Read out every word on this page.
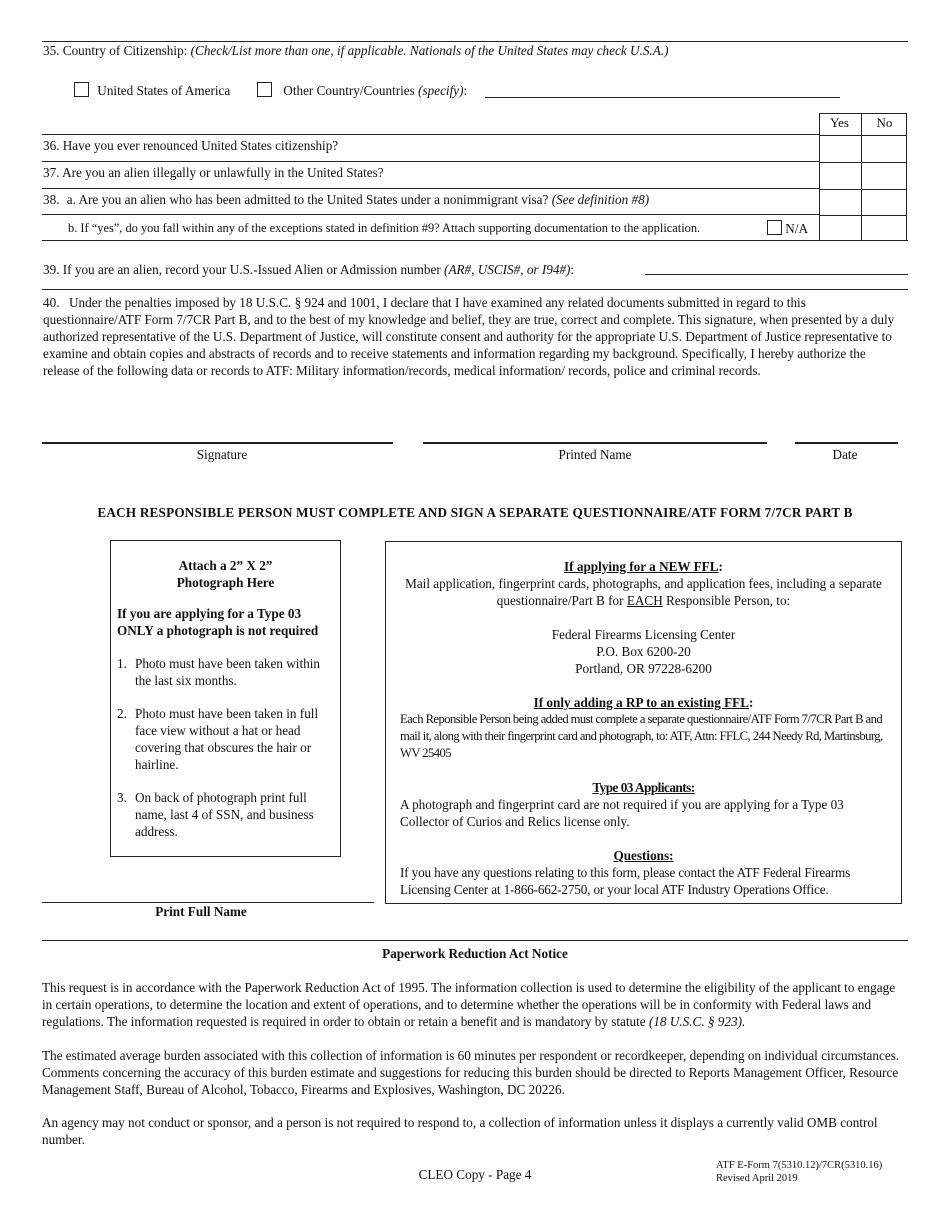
35. Country of Citizenship: (Check/List more than one, if applicable. Nationals of the United States may check U.S.A.)
United States of America	Other Country/Countries (specify):
Yes	No
36. Have you ever renounced United States citizenship?
37. Are you an alien illegally or unlawfully in the United States?
38. a. Are you an alien who has been admitted to the United States under a nonimmigrant visa? (See definition #8)
b. If “yes”, do you fall within any of the exceptions stated in definition #9? Attach supporting documentation to the application.	N/A
39. If you are an alien, record your U.S.-Issued Alien or Admission number (AR#, USCIS#, or I94#):
40. Under the penalties imposed by 18 U.S.C. § 924 and 1001, I declare that I have examined any related documents submitted in regard to this questionnaire/ATF Form 7/7CR Part B, and to the best of my knowledge and belief, they are true, correct and complete. This signature, when presented by a duly authorized representative of the U.S. Department of Justice, will constitute consent and authority for the appropriate U.S. Department of Justice representative to examine and obtain copies and abstracts of records and to receive statements and information regarding my background. Specifically, I hereby authorize the release of the following data or records to ATF: Military information/records, medical information/ records, police and criminal records.
Signature	Printed Name	Date
EACH RESPONSIBLE PERSON MUST COMPLETE AND SIGN A SEPARATE QUESTIONNAIRE/ATF FORM 7/7CR PART B
Attach a 2” X 2”
Photograph Here
If you are applying for a Type 03 ONLY a photograph is not required
1. Photo must have been taken within the last six months.
2. Photo must have been taken in full face view without a hat or head covering that obscures the hair or hairline.
3. On back of photograph print full name, last 4 of SSN, and business address.
Print Full Name
If applying for a NEW FFL:
Mail application, fingerprint cards, photographs, and application fees, including a separate questionnaire/Part B for EACH Responsible Person, to:
Federal Firearms Licensing Center
P.O. Box 6200-20
Portland, OR 97228-6200
If only adding a RP to an existing FFL:
Each Reponsible Person being added must complete a separate questionnaire/ATF Form 7/7CR Part B and mail it, along with their fingerprint card and photograph, to: ATF, Attn: FFLC, 244 Needy Rd, Martinsburg, WV 25405
Type 03 Applicants:
A photograph and fingerprint card are not required if you are applying for a Type 03 Collector of Curios and Relics license only.
Questions:
If you have any questions relating to this form, please contact the ATF Federal Firearms Licensing Center at 1-866-662-2750, or your local ATF Industry Operations Office.
Paperwork Reduction Act Notice
This request is in accordance with the Paperwork Reduction Act of 1995. The information collection is used to determine the eligibility of the applicant to engage in certain operations, to determine the location and extent of operations, and to determine whether the operations will be in conformity with Federal laws and regulations. The information requested is required in order to obtain or retain a benefit and is mandatory by statute (18 U.S.C. § 923).
The estimated average burden associated with this collection of information is 60 minutes per respondent or recordkeeper, depending on individual circumstances. Comments concerning the accuracy of this burden estimate and suggestions for reducing this burden should be directed to Reports Management Officer, Resource Management Staff, Bureau of Alcohol, Tobacco, Firearms and Explosives, Washington, DC 20226.
An agency may not conduct or sponsor, and a person is not required to respond to, a collection of information unless it displays a currently valid OMB control number.
CLEO Copy - Page 4
ATF E-Form 7(5310.12)/7CR(5310.16)
Revised April 2019
